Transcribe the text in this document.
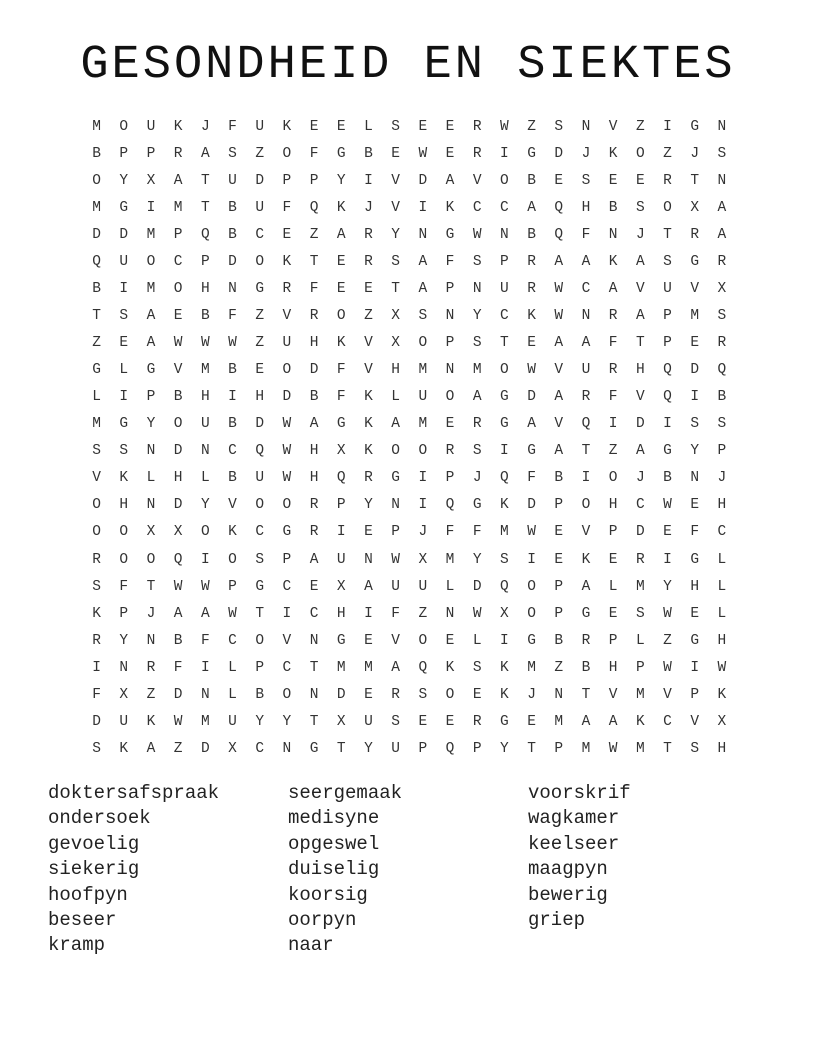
GESONDHEID EN SIEKTES
M	O	U	K	J	F	U	K	E	E	L	S	E	E	R	W	Z	S	N	V	Z	I	G	N
B	P	P	R	A	S	Z	O	F	G	B	E	W	E	R	I	G	D	J	K	O	Z	J	S
O	Y	X	A	T	U	D	P	P	Y	I	V	D	A	V	O	B	E	S	E	E	R	T	N
M	G	I	M	T	B	U	F	Q	K	J	V	I	K	C	C	A	Q	H	B	S	O	X	A
D	D	M	P	Q	B	C	E	Z	A	R	Y	N	G	W	N	B	Q	F	N	J	T	R	A
Q	U	O	C	P	D	O	K	T	E	R	S	A	F	S	P	R	A	A	K	A	S	G	R
B	I	M	O	H	N	G	R	F	E	E	T	A	P	N	U	R	W	C	A	V	U	V	X
T	S	A	E	B	F	Z	V	R	O	Z	X	S	N	Y	C	K	W	N	R	A	P	M	S
Z	E	A	W	W	W	Z	U	H	K	V	X	O	P	S	T	E	A	A	F	T	P	E	R
G	L	G	V	M	B	E	O	D	F	V	H	M	N	M	O	W	V	U	R	H	Q	D	Q
L	I	P	B	H	I	H	D	B	F	K	L	U	O	A	G	D	A	R	F	V	Q	I	B
M	G	Y	O	U	B	D	W	A	G	K	A	M	E	R	G	A	V	Q	I	D	I	S	S
S	S	N	D	N	C	Q	W	H	X	K	O	O	R	S	I	G	A	T	Z	A	G	Y	P
V	K	L	H	L	B	U	W	H	Q	R	G	I	P	J	Q	F	B	I	O	J	B	N	J
O	H	N	D	Y	V	O	O	R	P	Y	N	I	Q	G	K	D	P	O	H	C	W	E	H
O	O	X	X	O	K	C	G	R	I	E	P	J	F	F	M	W	E	V	P	D	E	F	C
R	O	O	Q	I	O	S	P	A	U	N	W	X	M	Y	S	I	E	K	E	R	I	G	L
S	F	T	W	W	P	G	C	E	X	A	U	U	L	D	Q	O	P	A	L	M	Y	H	L
K	P	J	A	A	W	T	I	C	H	I	F	Z	N	W	X	O	P	G	E	S	W	E	L
R	Y	N	B	F	C	O	V	N	G	E	V	O	E	L	I	G	B	R	P	L	Z	G	H
I	N	R	F	I	L	P	C	T	M	M	A	Q	K	S	K	M	Z	B	H	P	W	I	W
F	X	Z	D	N	L	B	O	N	D	E	R	S	O	E	K	J	N	T	V	M	V	P	K
D	U	K	W	M	U	Y	Y	T	X	U	S	E	E	R	G	E	M	A	A	K	C	V	X
S	K	A	Z	D	X	C	N	G	T	Y	U	P	Q	P	Y	T	P	M	W	M	T	S	H
doktersafspraak	seergemaak	voorskrif
ondersoek	medisyne	wagkamer
gevoelig	opgeswel	keelseer
siekerig	duiselig	maagpyn
hoofpyn	koorsig	bewerig
beseer	oorpyn	griep
kramp	naar
